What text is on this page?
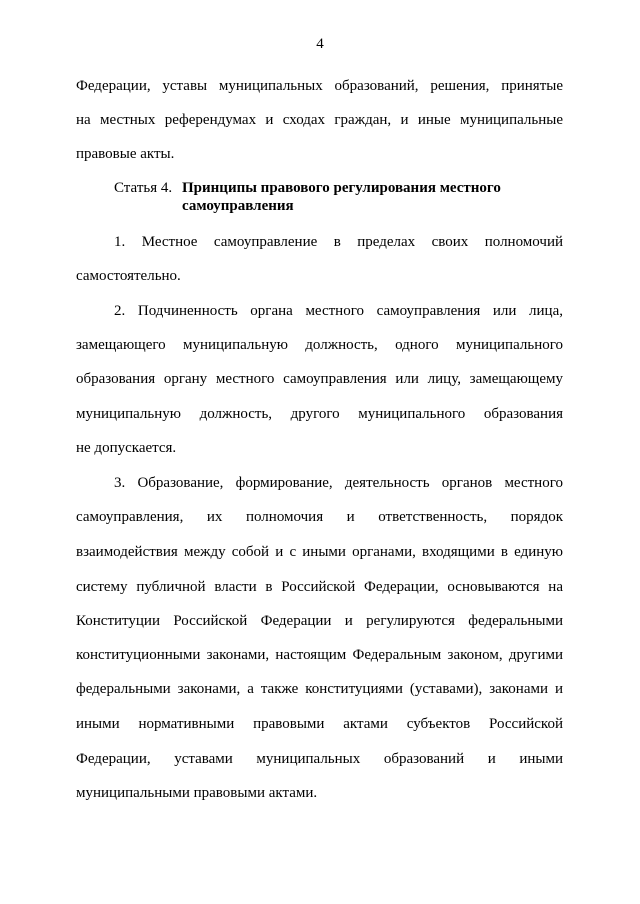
4
Федерации, уставы муниципальных образований, решения, принятые
на местных референдумах и сходах граждан, и иные муниципальные
правовые акты.
Статья 4. Принципы правового регулирования местного
самоуправления
1. Местное самоуправление в пределах своих полномочий
самостоятельно.
2. Подчиненность органа местного самоуправления или лица,
замещающего муниципальную должность, одного муниципального
образования органу местного самоуправления или лицу, замещающему
муниципальную должность, другого муниципального образования
не допускается.
3. Образование, формирование, деятельность органов местного
самоуправления, их полномочия и ответственность, порядок
взаимодействия между собой и с иными органами, входящими в единую
систему публичной власти в Российской Федерации, основываются на
Конституции Российской Федерации и регулируются федеральными
конституционными законами, настоящим Федеральным законом, другими
федеральными законами, а также конституциями (уставами), законами и
иными нормативными правовыми актами субъектов Российской
Федерации, уставами муниципальных образований и иными
муниципальными правовыми актами.
